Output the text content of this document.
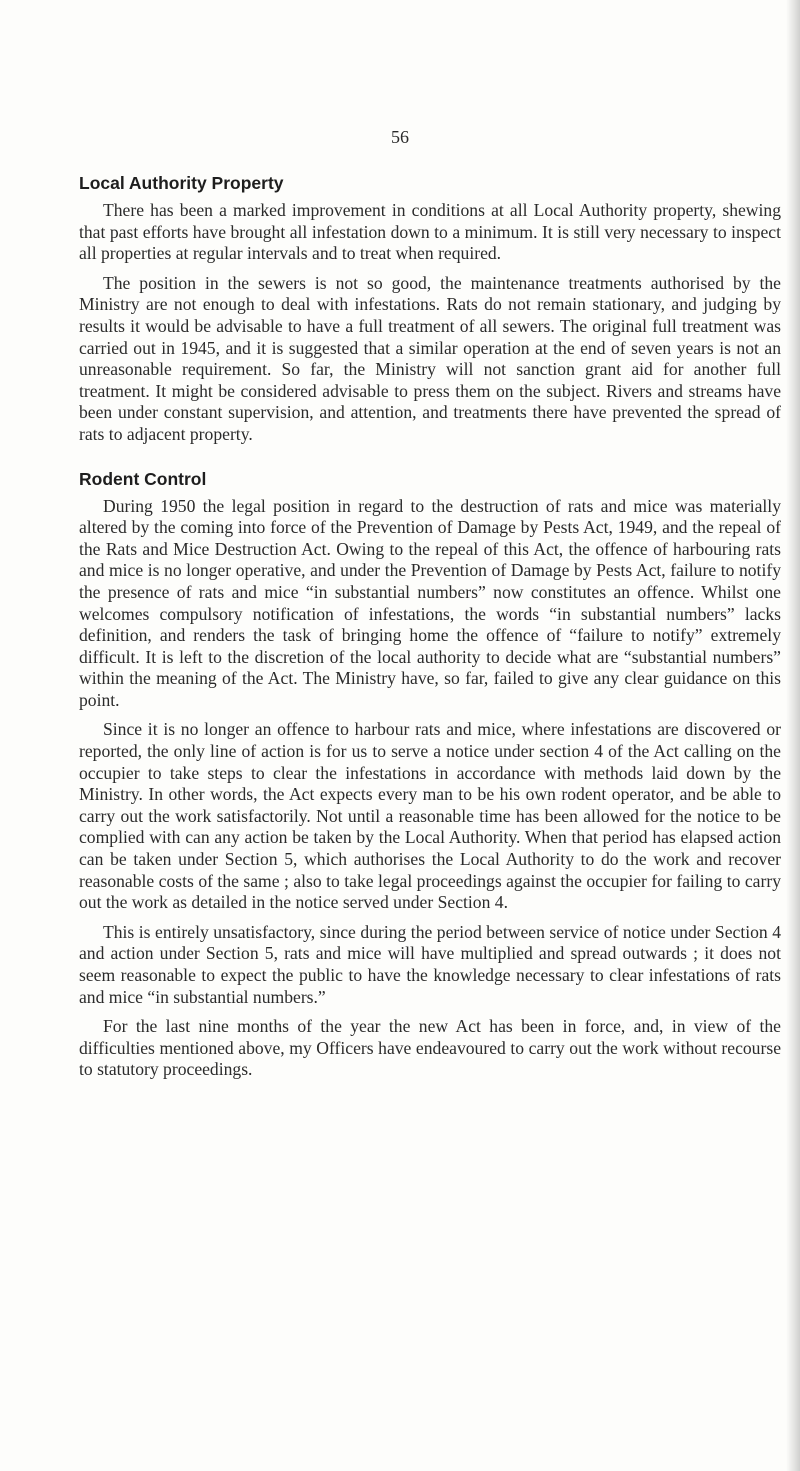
56
Local Authority Property

There has been a marked improvement in conditions at all Local Authority property, shewing that past efforts have brought all infestation down to a minimum. It is still very necessary to inspect all properties at regular intervals and to treat when required.

The position in the sewers is not so good, the maintenance treatments authorised by the Ministry are not enough to deal with infestations. Rats do not remain stationary, and judging by results it would be advisable to have a full treatment of all sewers. The original full treatment was carried out in 1945, and it is suggested that a similar operation at the end of seven years is not an unreasonable requirement. So far, the Ministry will not sanction grant aid for another full treatment. It might be considered advisable to press them on the subject. Rivers and streams have been under constant supervision, and attention, and treatments there have prevented the spread of rats to adjacent property.

Rodent Control

During 1950 the legal position in regard to the destruction of rats and mice was materially altered by the coming into force of the Prevention of Damage by Pests Act, 1949, and the repeal of the Rats and Mice Destruction Act. Owing to the repeal of this Act, the offence of harbouring rats and mice is no longer operative, and under the Prevention of Damage by Pests Act, failure to notify the presence of rats and mice “in substantial numbers” now constitutes an offence. Whilst one welcomes compulsory notification of infestations, the words “in substantial numbers” lacks definition, and renders the task of bringing home the offence of “failure to notify” extremely difficult. It is left to the discretion of the local authority to decide what are “substantial numbers” within the meaning of the Act. The Ministry have, so far, failed to give any clear guidance on this point.

Since it is no longer an offence to harbour rats and mice, where infestations are discovered or reported, the only line of action is for us to serve a notice under section 4 of the Act calling on the occupier to take steps to clear the infestations in accordance with methods laid down by the Ministry. In other words, the Act expects every man to be his own rodent operator, and be able to carry out the work satisfactorily. Not until a reasonable time has been allowed for the notice to be complied with can any action be taken by the Local Authority. When that period has elapsed action can be taken under Section 5, which authorises the Local Authority to do the work and recover reasonable costs of the same ; also to take legal proceedings against the occupier for failing to carry out the work as detailed in the notice served under Section 4.

This is entirely unsatisfactory, since during the period between service of notice under Section 4 and action under Section 5, rats and mice will have multiplied and spread outwards ; it does not seem reasonable to expect the public to have the knowledge necessary to clear infestations of rats and mice “in substantial numbers.”

For the last nine months of the year the new Act has been in force, and, in view of the difficulties mentioned above, my Officers have endeavoured to carry out the work without recourse to statutory proceedings.
